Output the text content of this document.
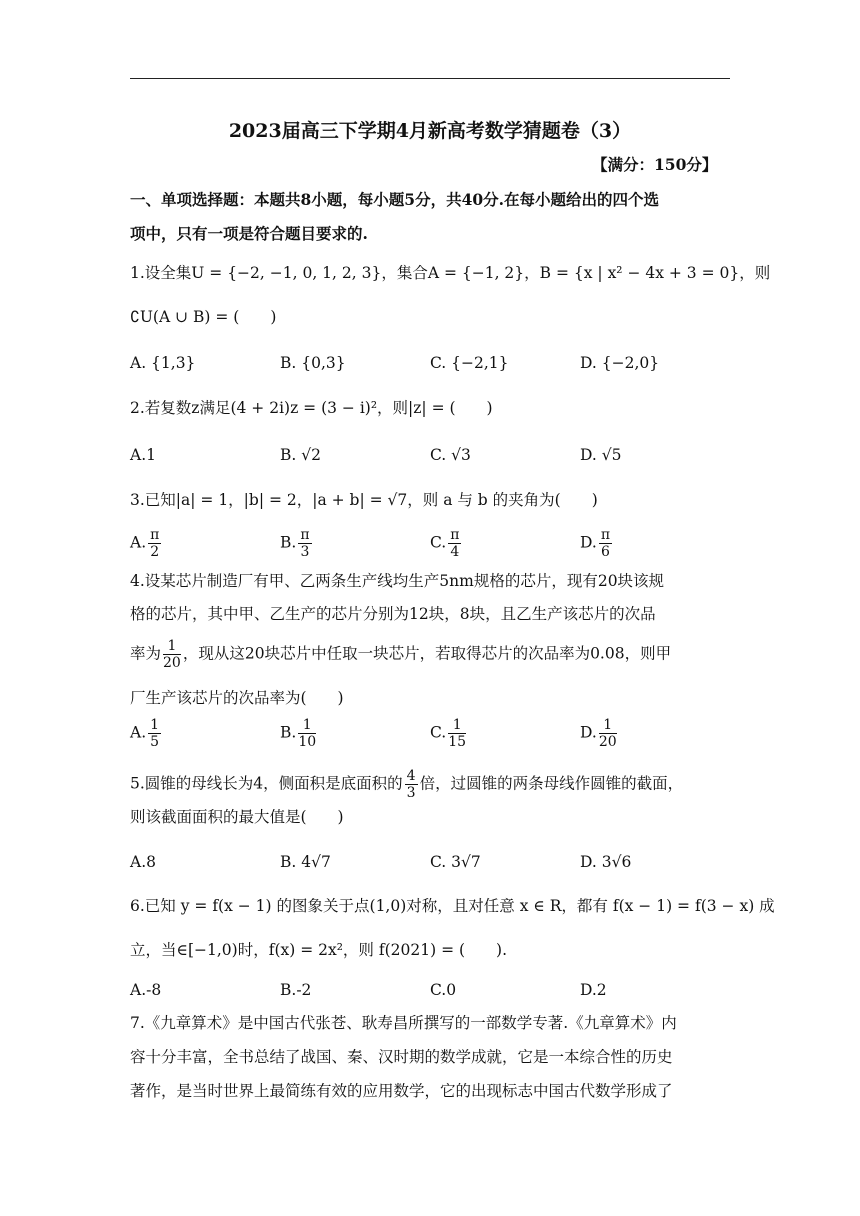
2023届高三下学期4月新高考数学猜题卷（3）
【满分：150分】
一、单项选择题：本题共8小题，每小题5分，共40分.在每小题给出的四个选
项中，只有一项是符合题目要求的.
1.设全集U = {−2, −1, 0, 1, 2, 3}，集合A = {−1, 2}，B = {x | x² − 4x + 3 = 0}，则
∁U(A ∪ B) = (　　)
A. {1,3}	B. {0,3}	C. {−2,1}	D. {−2,0}
2.若复数z满足(4 + 2i)z = (3 − i)²，则|z| = (　　)
A.1	B. √2	C. √3	D. √5
3.已知|a| = 1，|b| = 2，|a + b| = √7，则 a 与 b 的夹角为(　　)
A. $\frac{\pi}{2}$	B. $\frac{\pi}{3}$	C. $\frac{\pi}{4}$	D. $\frac{\pi}{6}$
4.设某芯片制造厂有甲、乙两条生产线均生产5nm规格的芯片，现有20块该规
格的芯片，其中甲、乙生产的芯片分别为12块，8块，且乙生产该芯片的次品
率为 $\frac{1}{20}$ ，现从这20块芯片中任取一块芯片，若取得芯片的次品率为0.08，则甲
厂生产该芯片的次品率为(　　)
A. $\frac{1}{5}$	B. $\frac{1}{10}$	C. $\frac{1}{15}$	D. $\frac{1}{20}$
5.圆锥的母线长为4，侧面积是底面积的 $\frac{4}{3}$ 倍，过圆锥的两条母线作圆锥的截面，
则该截面面积的最大值是(　　)
A.8	B. 4√7	C. 3√7	D. 3√6
6.已知 y = f(x − 1) 的图象关于点(1,0)对称，且对任意 x ∈ R，都有 f(x − 1) = f(3 − x) 成
立，当∈[−1,0)时，f(x) = 2x²，则 f(2021) = (　　).
A.-8	B.-2	C.0	D.2
7.《九章算术》是中国古代张苍、耿寿昌所撰写的一部数学专著.《九章算术》内
容十分丰富，全书总结了战国、秦、汉时期的数学成就，它是一本综合性的历史
著作，是当时世界上最简练有效的应用数学，它的出现标志中国古代数学形成了
